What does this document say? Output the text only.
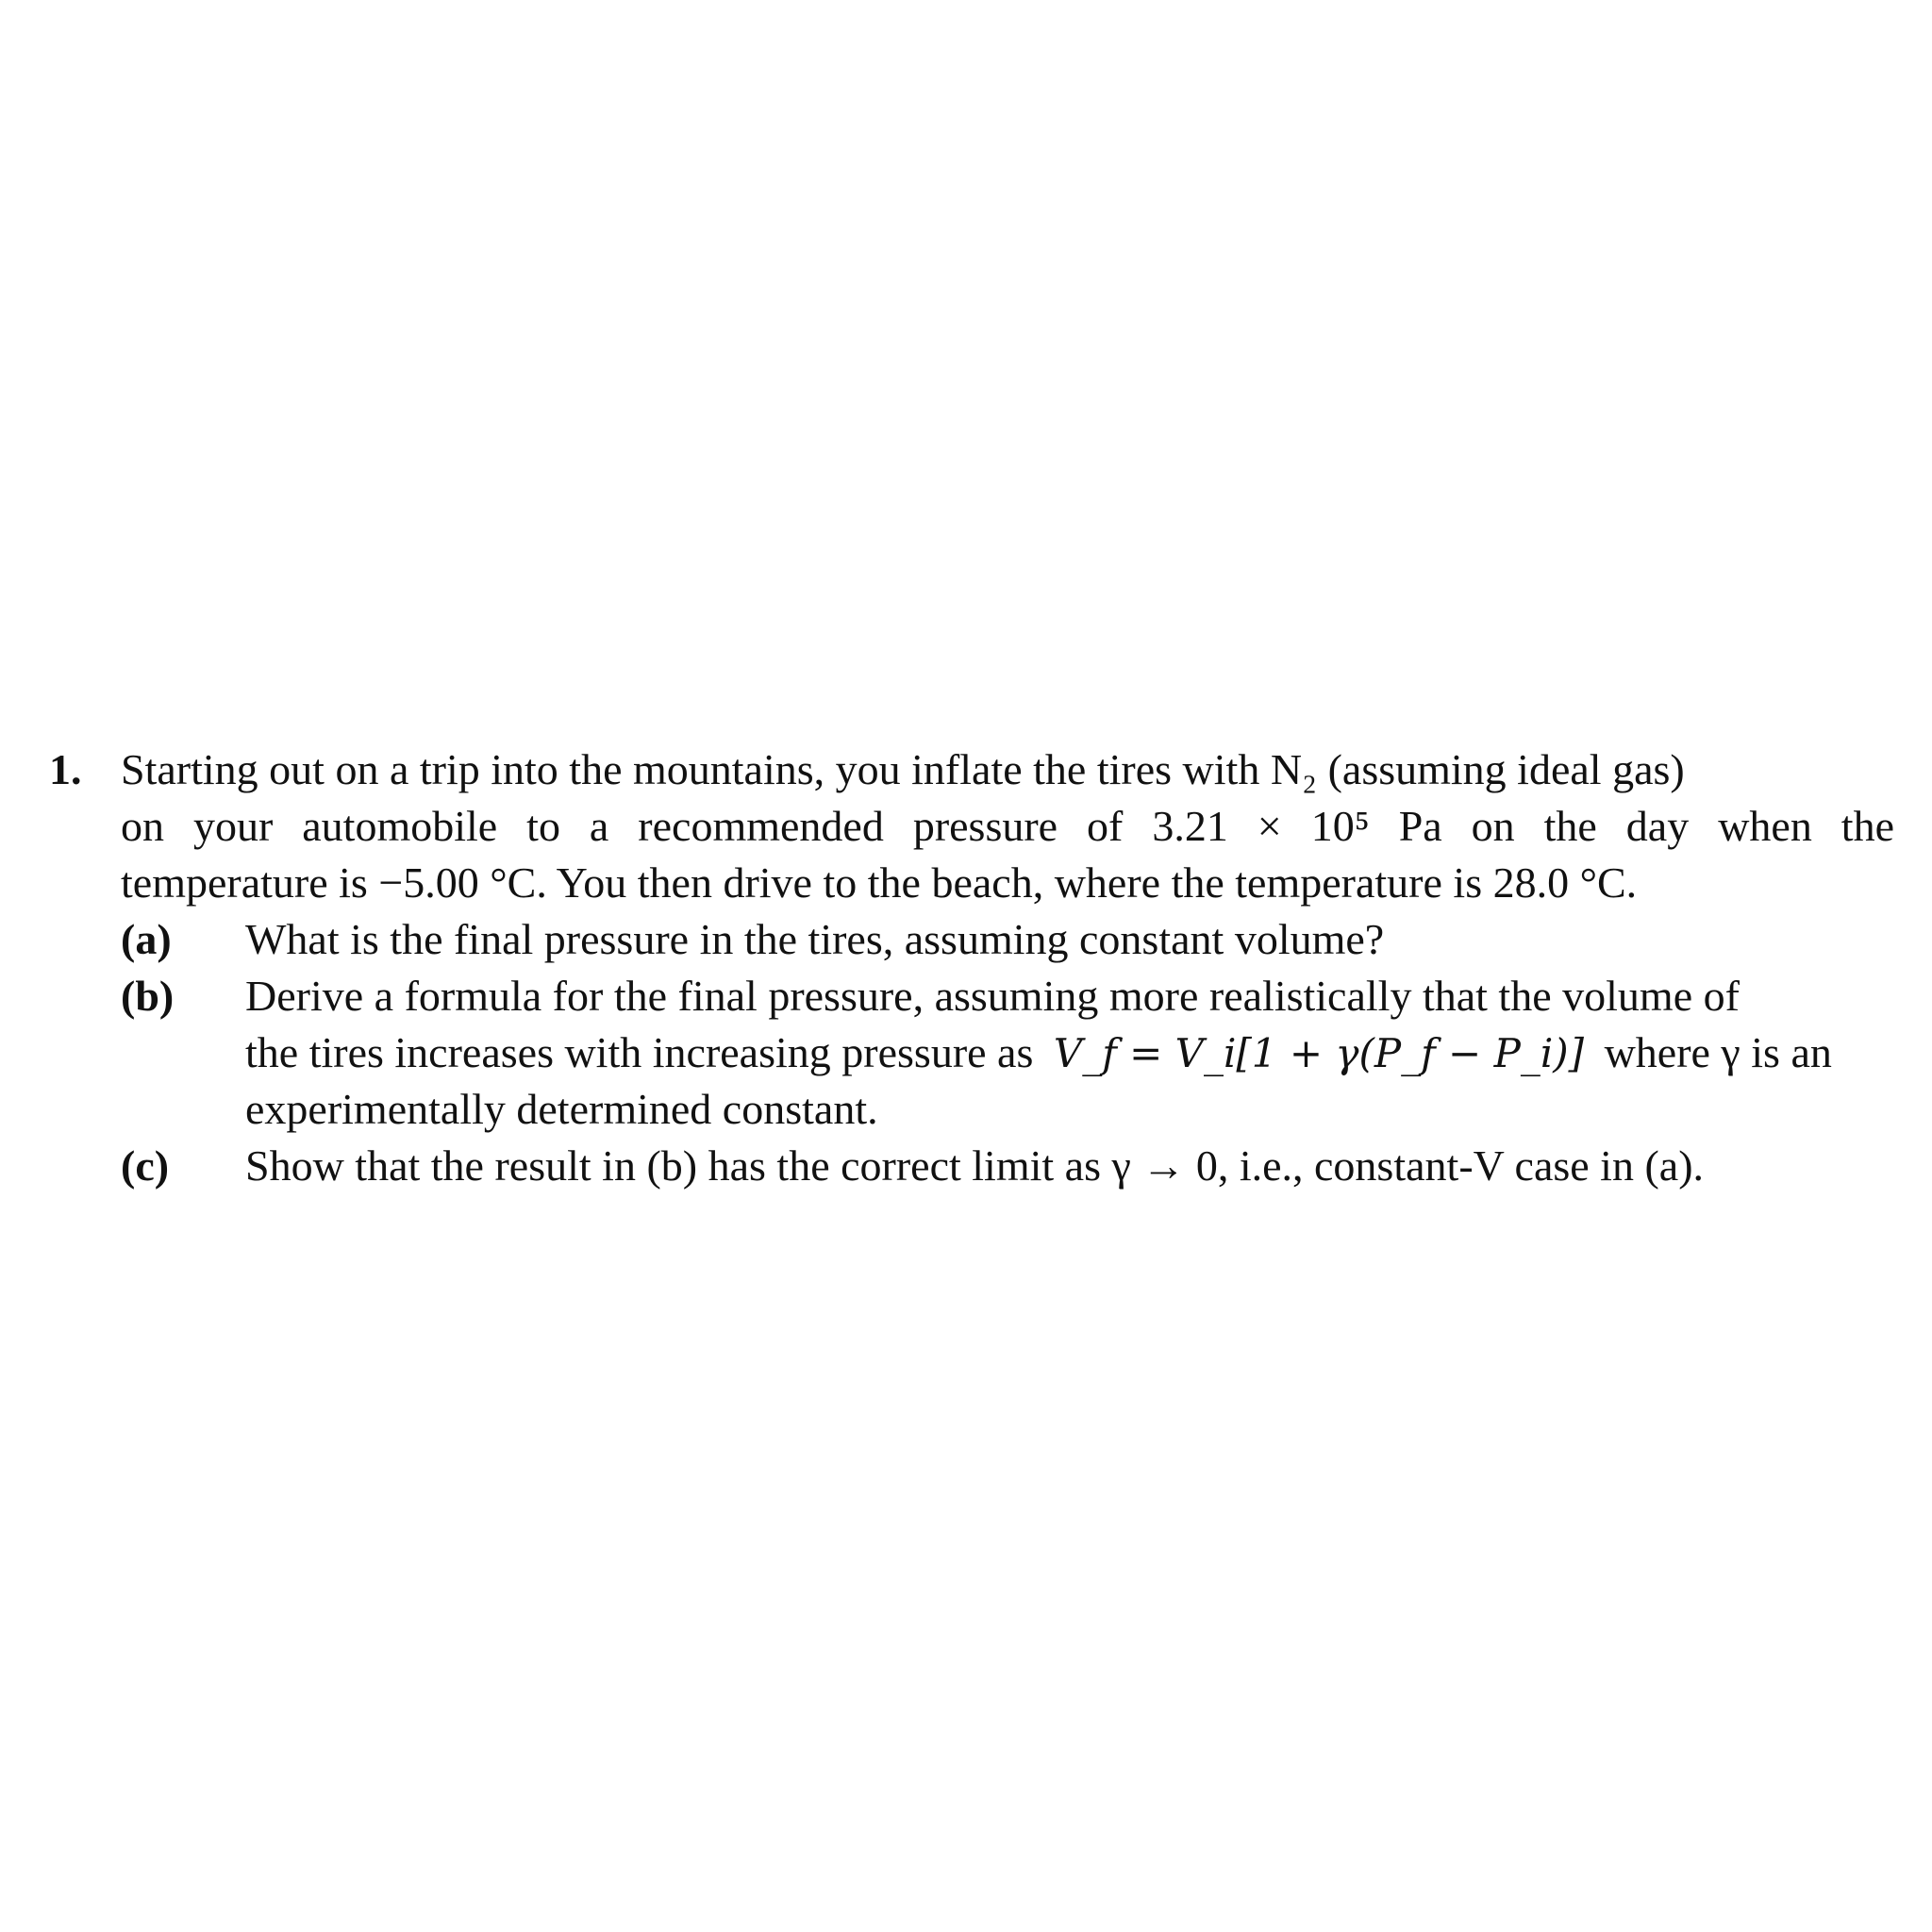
1. Starting out on a trip into the mountains, you inflate the tires with N₂ (assuming ideal gas)
on your automobile to a recommended pressure of 3.21 × 10⁵ Pa on the day when the
temperature is −5.00 °C. You then drive to the beach, where the temperature is 28.0 °C.
(a) What is the final pressure in the tires, assuming constant volume?
(b) Derive a formula for the final pressure, assuming more realistically that the volume of
the tires increases with increasing pressure as V_f = V_i[1 + γ(P_f − P_i)] where γ is an
experimentally determined constant.
(c) Show that the result in (b) has the correct limit as γ → 0, i.e., constant-V case in (a).
